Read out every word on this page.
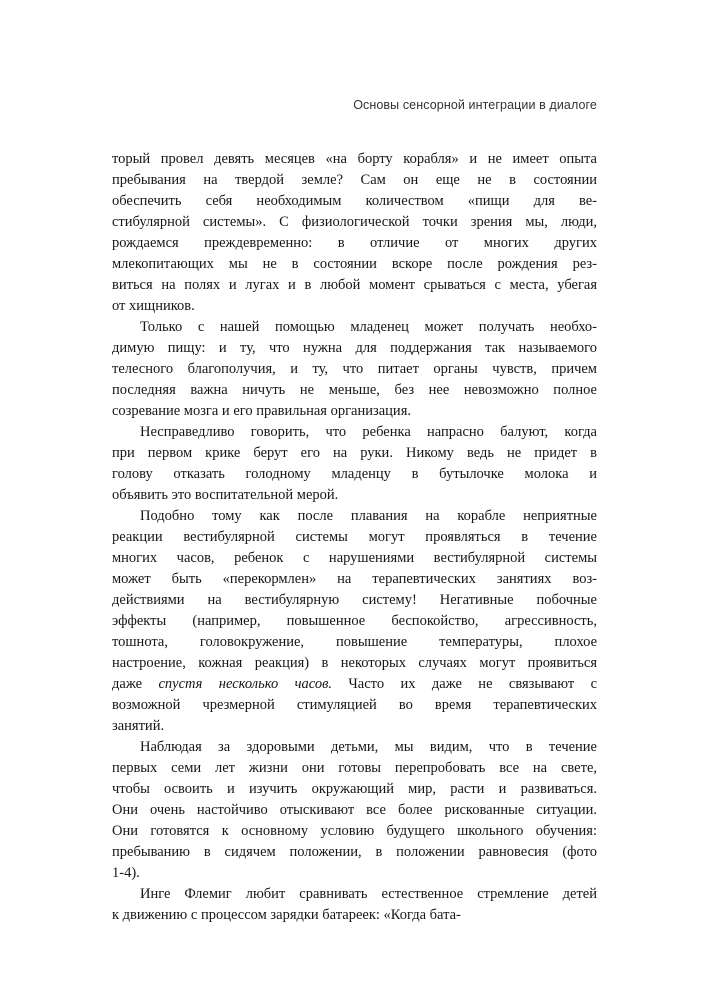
Основы сенсорной интеграции в диалоге
торый провел девять месяцев «на борту корабля» и не имеет опыта
пребывания на твердой земле? Сам он еще не в состоянии
обеспечить себя необходимым количеством «пищи для ве-
стибулярной системы». С физиологической точки зрения мы, люди,
рождаемся преждевременно: в отличие от многих других
млекопитающих мы не в состоянии вскоре после рождения рез-
виться на полях и лугах и в любой момент срываться с места, убегая
от хищников.
Только с нашей помощью младенец может получать необхо-
димую пищу: и ту, что нужна для поддержания так называемого
телесного благополучия, и ту, что питает органы чувств, причем
последняя важна ничуть не меньше, без нее невозможно полное
созревание мозга и его правильная организация.
Несправедливо говорить, что ребенка напрасно балуют, когда
при первом крике берут его на руки. Никому ведь не придет в
голову отказать голодному младенцу в бутылочке молока и
объявить это воспитательной мерой.
Подобно тому как после плавания на корабле неприятные
реакции вестибулярной системы могут проявляться в течение
многих часов, ребенок с нарушениями вестибулярной системы
может быть «перекормлен» на терапевтических занятиях воз-
действиями на вестибулярную систему! Негативные побочные
эффекты (например, повышенное беспокойство, агрессивность,
тошнота, головокружение, повышение температуры, плохое
настроение, кожная реакция) в некоторых случаях могут проявиться
даже спустя несколько часов. Часто их даже не связывают с
возможной чрезмерной стимуляцией во время терапевтических
занятий.
Наблюдая за здоровыми детьми, мы видим, что в течение
первых семи лет жизни они готовы перепробовать все на свете,
чтобы освоить и изучить окружающий мир, расти и развиваться.
Они очень настойчиво отыскивают все более рискованные ситуации.
Они готовятся к основному условию будущего школьного обучения:
пребыванию в сидячем положении, в положении равновесия (фото
1-4).
Инге Флемиг любит сравнивать естественное стремление детей
к движению с процессом зарядки батареек: «Когда бата-
